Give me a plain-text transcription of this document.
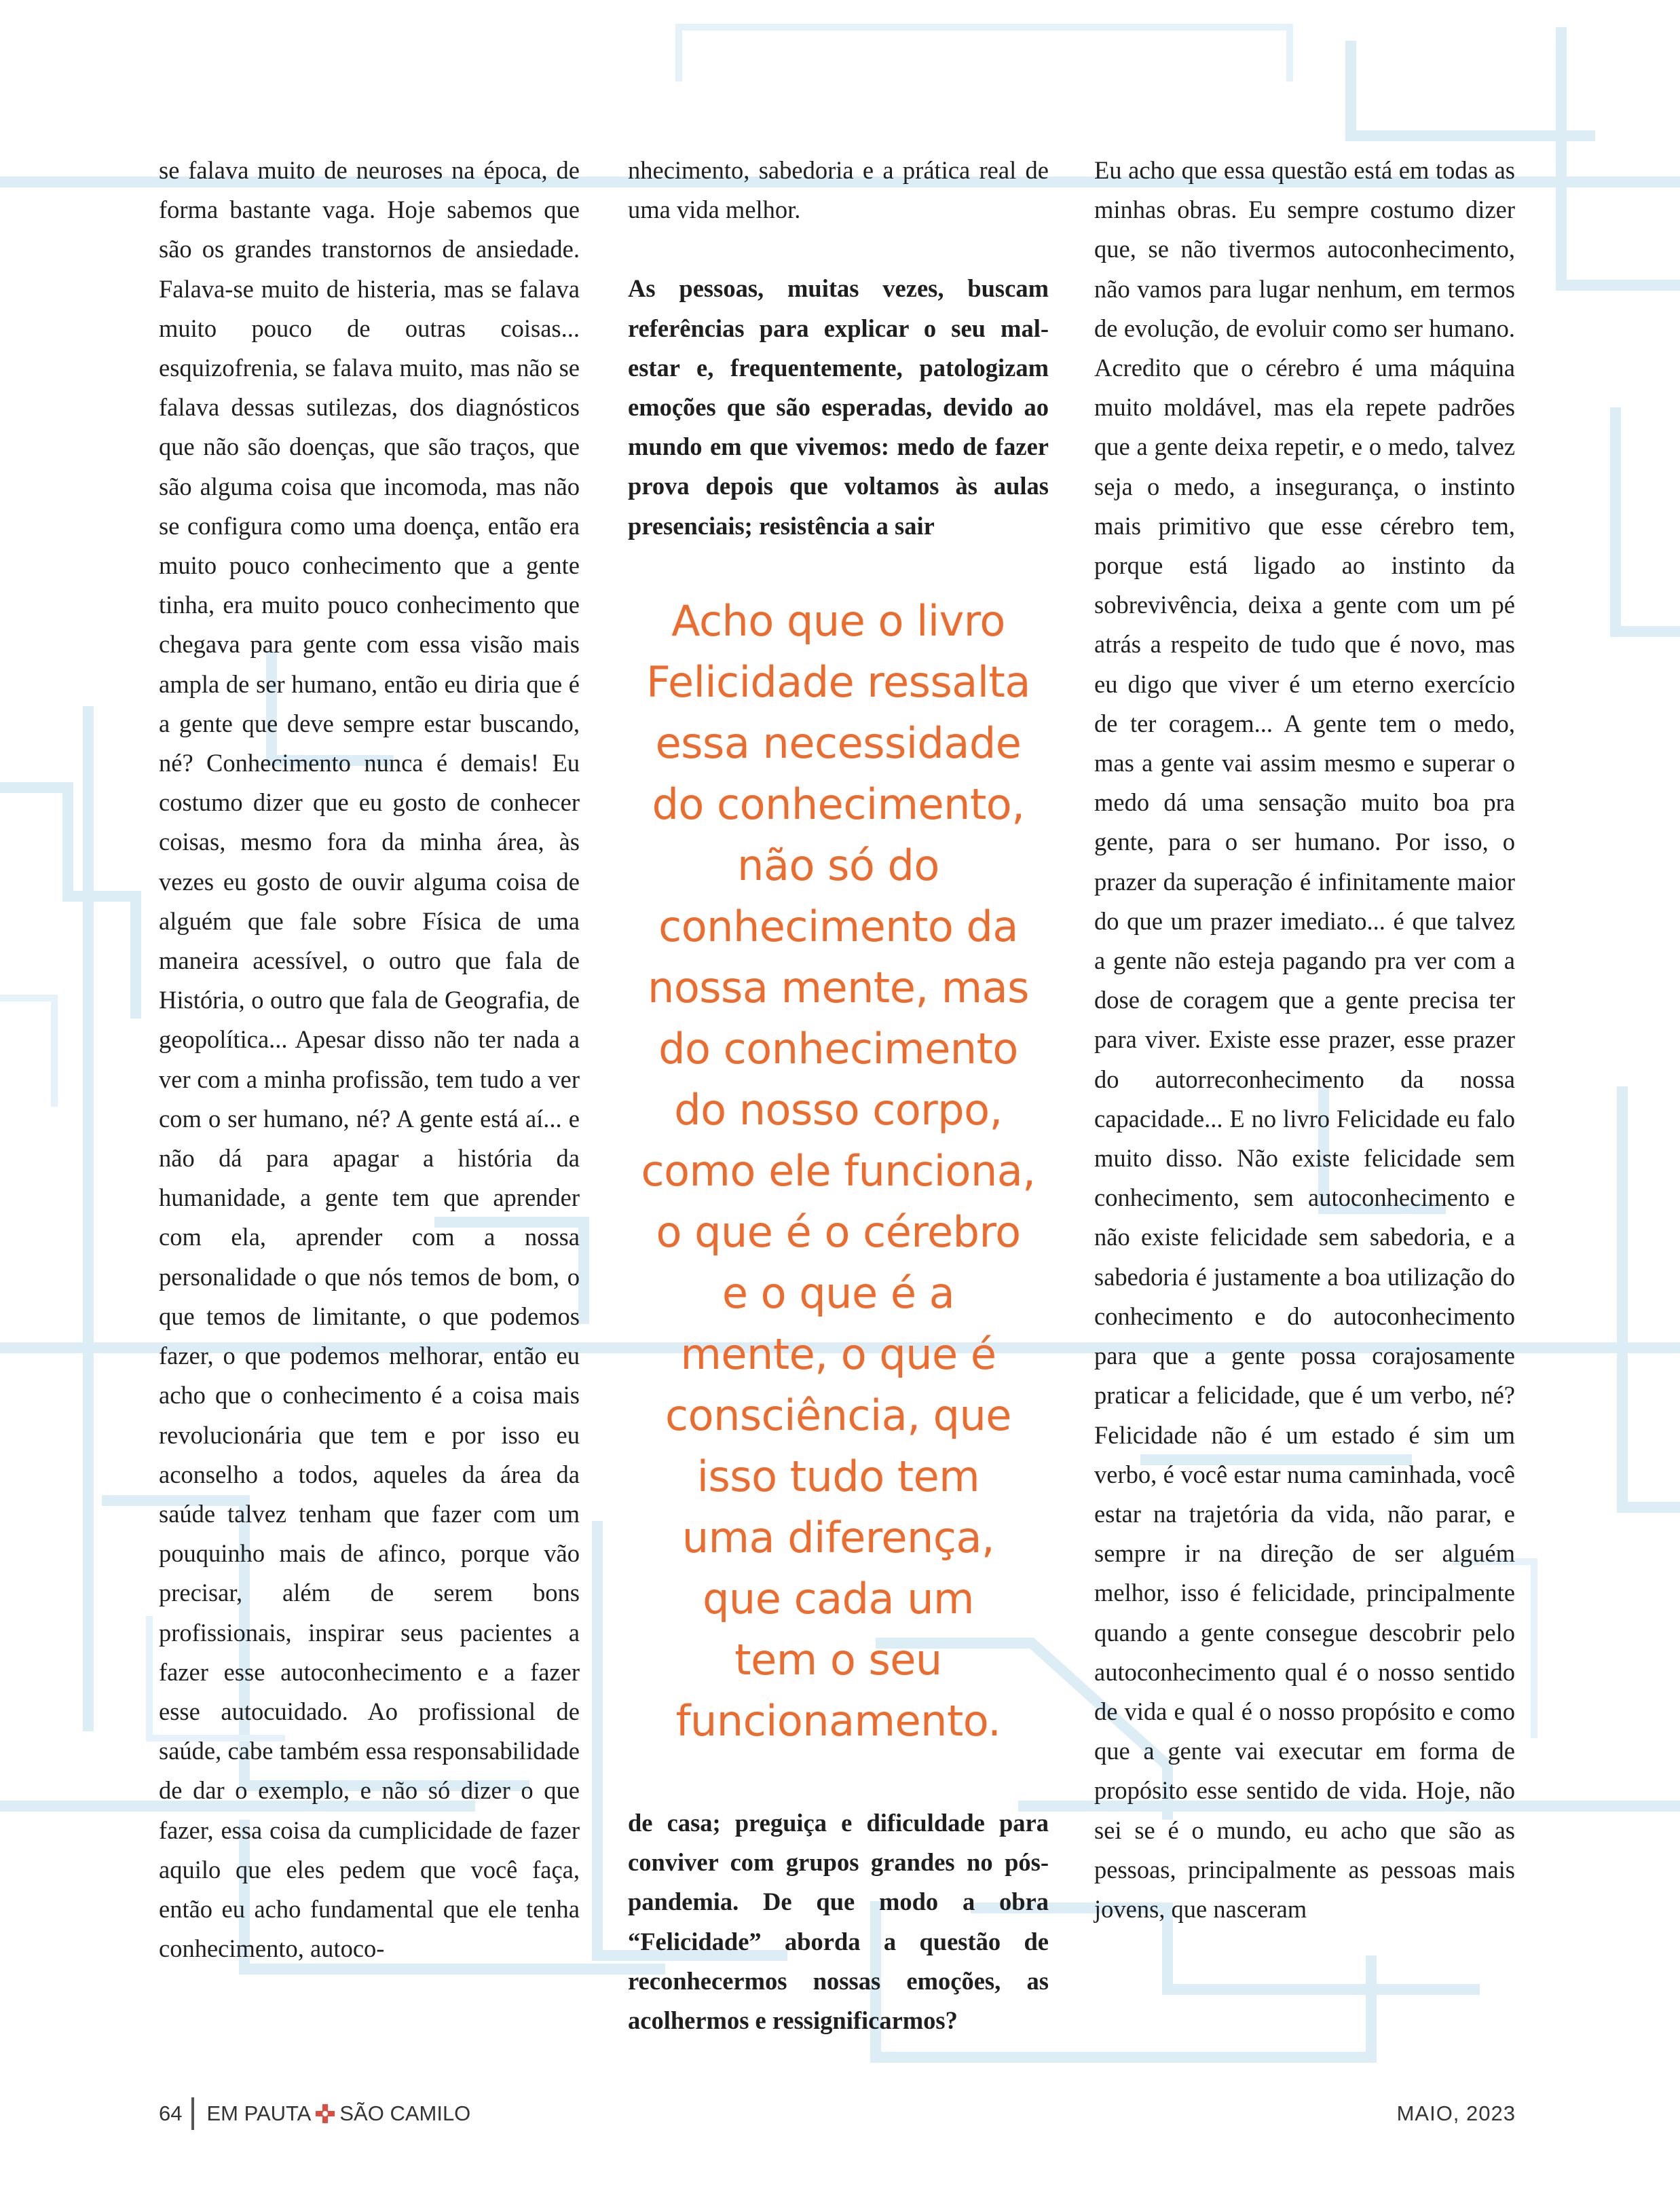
se falava muito de neuroses na época, de forma bastante vaga. Hoje sabemos que são os grandes transtornos de ansiedade. Falava-se muito de histeria, mas se falava muito pouco de outras coisas... esquizofrenia, se falava muito, mas não se falava dessas sutilezas, dos diagnósticos que não são doenças, que são traços, que são alguma coisa que incomoda, mas não se configura como uma doença, então era muito pouco conhecimento que a gente tinha, era muito pouco conhecimento que chegava para gente com essa visão mais ampla de ser humano, então eu diria que é a gente que deve sempre estar buscando, né? Conhecimento nunca é demais! Eu costumo dizer que eu gosto de conhecer coisas, mesmo fora da minha área, às vezes eu gosto de ouvir alguma coisa de alguém que fale sobre Física de uma maneira acessível, o outro que fala de História, o outro que fala de Geografia, de geopolítica... Apesar disso não ter nada a ver com a minha profissão, tem tudo a ver com o ser humano, né? A gente está aí... e não dá para apagar a história da humanidade, a gente tem que aprender com ela, aprender com a nossa personalidade o que nós temos de bom, o que temos de limitante, o que podemos fazer, o que podemos melhorar, então eu acho que o conhecimento é a coisa mais revolucionária que tem e por isso eu aconselho a todos, aqueles da área da saúde talvez tenham que fazer com um pouquinho mais de afinco, porque vão precisar, além de serem bons profissionais, inspirar seus pacientes a fazer esse autoconhecimento e a fazer esse autocuidado. Ao profissional de saúde, cabe também essa responsabilidade de dar o exemplo, e não só dizer o que fazer, essa coisa da cumplicidade de fazer aquilo que eles pedem que você faça, então eu acho fundamental que ele tenha conhecimento, autoco-

nhecimento, sabedoria e a prática real de uma vida melhor.

As pessoas, muitas vezes, buscam referências para explicar o seu mal-estar e, frequentemente, patologizam emoções que são esperadas, devido ao mundo em que vivemos: medo de fazer prova depois que voltamos às aulas presenciais; resistência a sair

Acho que o livro
Felicidade ressalta
essa necessidade
do conhecimento,
não só do
conhecimento da
nossa mente, mas
do conhecimento
do nosso corpo,
como ele funciona,
o que é o cérebro
e o que é a
mente, o que é
consciência, que
isso tudo tem
uma diferença,
que cada um
tem o seu
funcionamento.

de casa; preguiça e dificuldade para conviver com grupos grandes no pós-pandemia. De que modo a obra “Felicidade” aborda a questão de reconhecermos nossas emoções, as acolhermos e ressignificarmos?

Eu acho que essa questão está em todas as minhas obras. Eu sempre costumo dizer que, se não tivermos autoconhecimento, não vamos para lugar nenhum, em termos de evolução, de evoluir como ser humano. Acredito que o cérebro é uma máquina muito moldável, mas ela repete padrões que a gente deixa repetir, e o medo, talvez seja o medo, a insegurança, o instinto mais primitivo que esse cérebro tem, porque está ligado ao instinto da sobrevivência, deixa a gente com um pé atrás a respeito de tudo que é novo, mas eu digo que viver é um eterno exercício de ter coragem... A gente tem o medo, mas a gente vai assim mesmo e superar o medo dá uma sensação muito boa pra gente, para o ser humano. Por isso, o prazer da superação é infinitamente maior do que um prazer imediato... é que talvez a gente não esteja pagando pra ver com a dose de coragem que a gente precisa ter para viver. Existe esse prazer, esse prazer do autorreconhecimento da nossa capacidade... E no livro Felicidade eu falo muito disso. Não existe felicidade sem conhecimento, sem autoconhecimento e não existe felicidade sem sabedoria, e a sabedoria é justamente a boa utilização do conhecimento e do autoconhecimento para que a gente possa corajosamente praticar a felicidade, que é um verbo, né? Felicidade não é um estado é sim um verbo, é você estar numa caminhada, você estar na trajetória da vida, não parar, e sempre ir na direção de ser alguém melhor, isso é felicidade, principalmente quando a gente consegue descobrir pelo autoconhecimento qual é o nosso sentido de vida e qual é o nosso propósito e como que a gente vai executar em forma de propósito esse sentido de vida. Hoje, não sei se é o mundo, eu acho que são as pessoas, principalmente as pessoas mais jovens, que nasceram

64 EM PAUTA SÃO CAMILO	MAIO, 2023
